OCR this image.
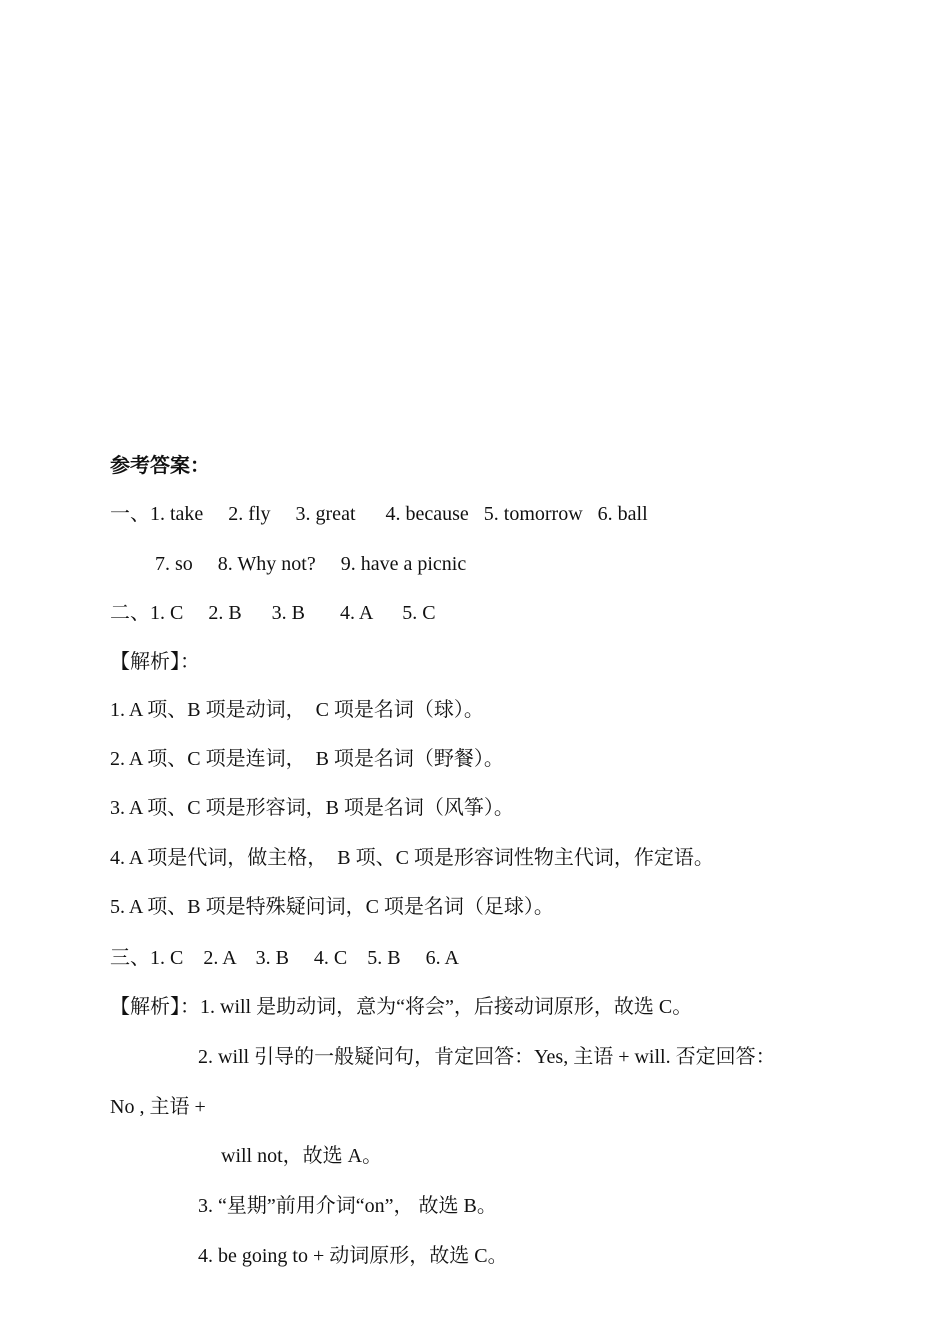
参考答案：
一、1. take     2. fly     3. great      4. because   5. tomorrow   6. ball
7. so     8. Why not?     9. have a picnic
二、1. C     2. B      3. B       4. A      5. C
【解析】：
1. A 项、B 项是动词，  C 项是名词（球）。
2. A 项、C 项是连词，  B 项是名词（野餐）。
3. A 项、C 项是形容词，B 项是名词（风筝）。
4. A 项是代词，做主格，  B 项、C 项是形容词性物主代词，作定语。
5. A 项、B 项是特殊疑问词，C 项是名词（足球）。
三、1. C    2. A    3. B     4. C    5. B     6. A
【解析】：1. will 是助动词，意为“将会”，后接动词原形，故选 C。
2. will 引导的一般疑问句，肯定回答：Yes, 主语 + will. 否定回答：
No , 主语 +
will not，故选 A。
3. “星期”前用介词“on”， 故选 B。
4. be going to + 动词原形，故选 C。
